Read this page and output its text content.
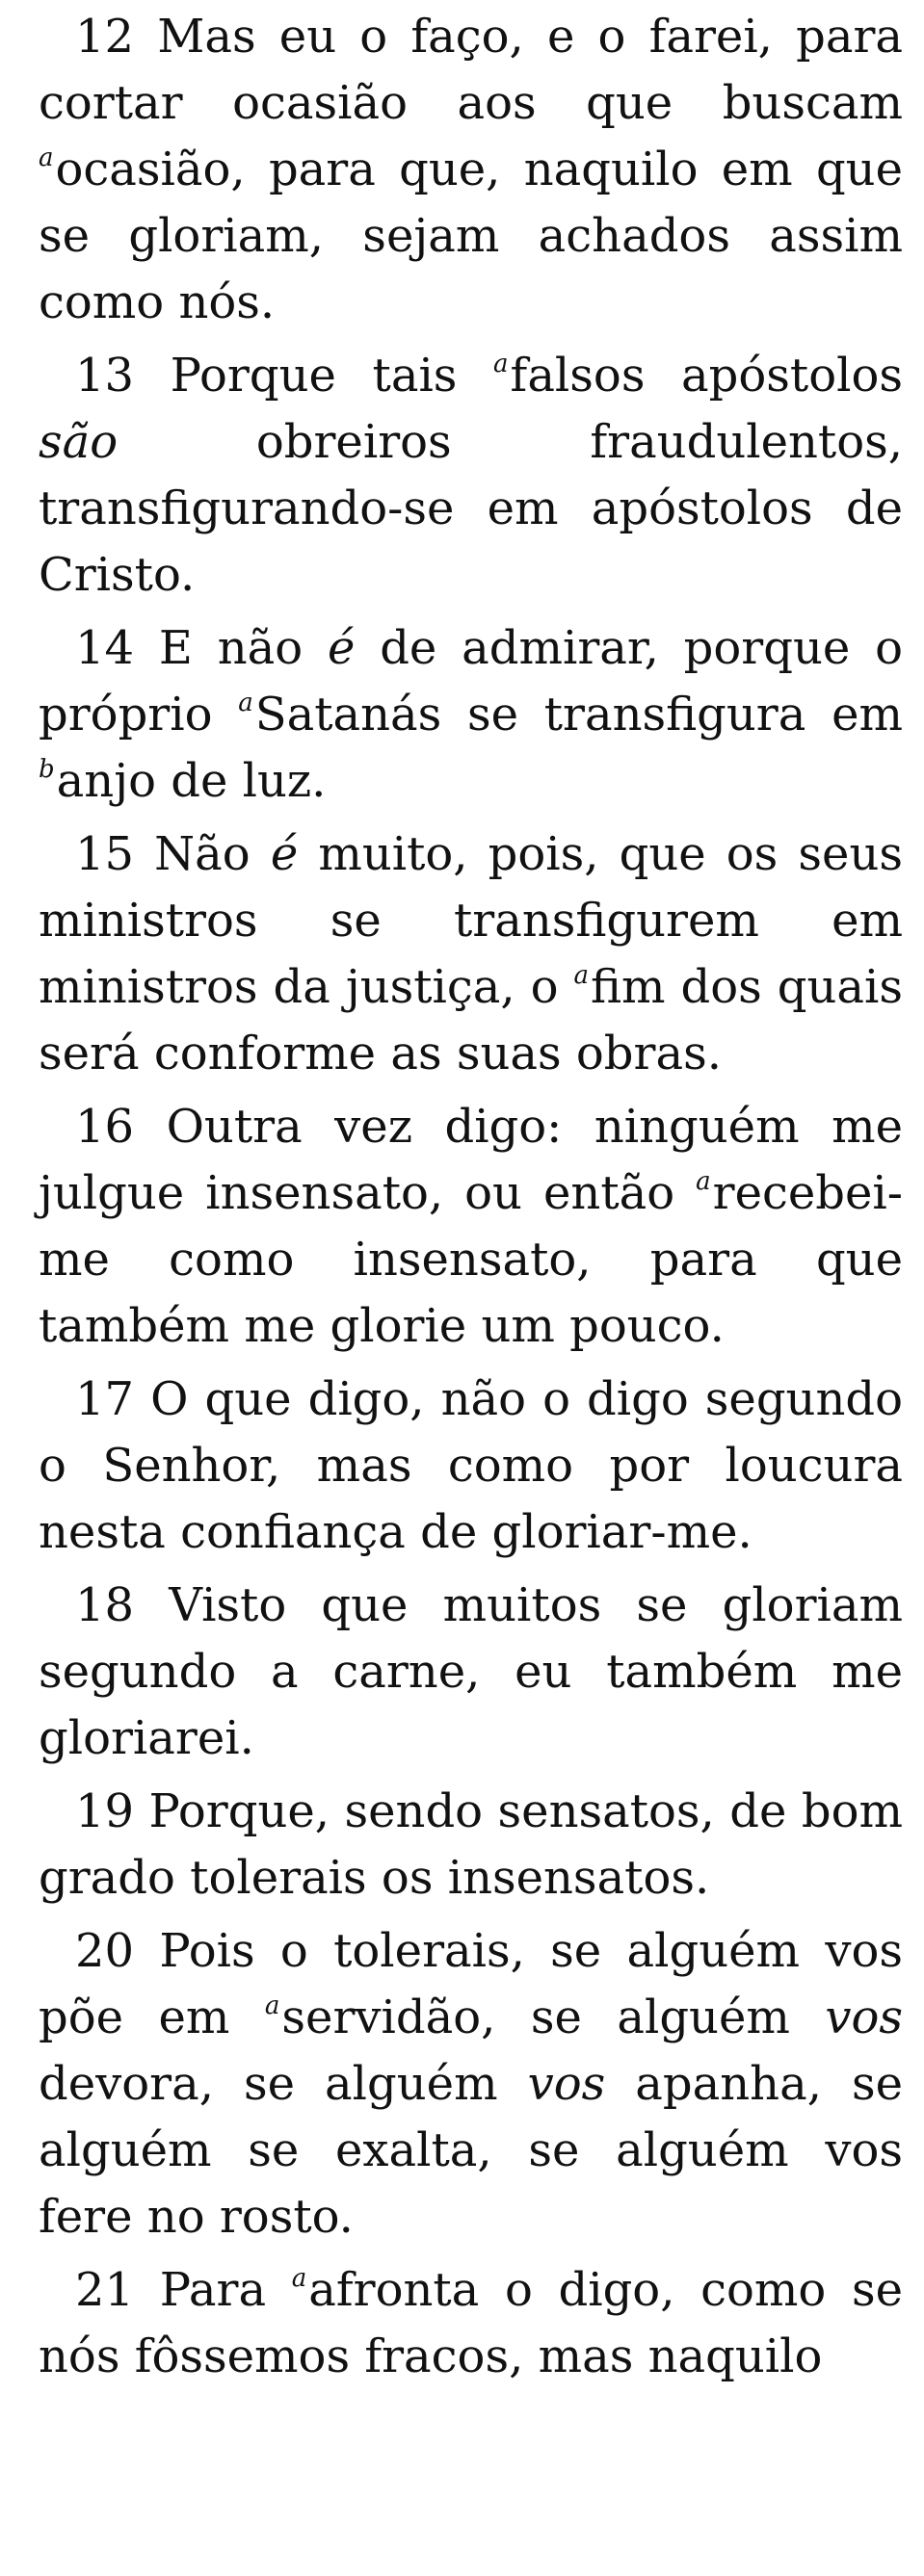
12 Mas eu o faço, e o farei, para cortar ocasião aos que buscam $^a$ocasião, para que, naquilo em que se gloriam, sejam achados assim como nós.

13 Porque tais $^a$falsos apóstolos são obreiros fraudulentos, transfigurando-se em apóstolos de Cristo.

14 E não é de admirar, porque o próprio $^a$Satanás se transfigura em $^b$anjo de luz.

15 Não é muito, pois, que os seus ministros se transfigurem em ministros da justiça, o $^a$fim dos quais será conforme as suas obras.

16 Outra vez digo: ninguém me julgue insensato, ou então $^a$recebei-me como insensato, para que também me glorie um pouco.

17 O que digo, não o digo segundo o Senhor, mas como por loucura nesta confiança de gloriar-me.

18 Visto que muitos se gloriam segundo a carne, eu também me gloriarei.

19 Porque, sendo sensatos, de bom grado tolerais os insensatos.

20 Pois o tolerais, se alguém vos põe em $^a$servidão, se alguém vos devora, se alguém vos apanha, se alguém se exalta, se alguém vos fere no rosto.

21 Para $^a$afronta o digo, como se nós fôssemos fracos, mas naquilo
